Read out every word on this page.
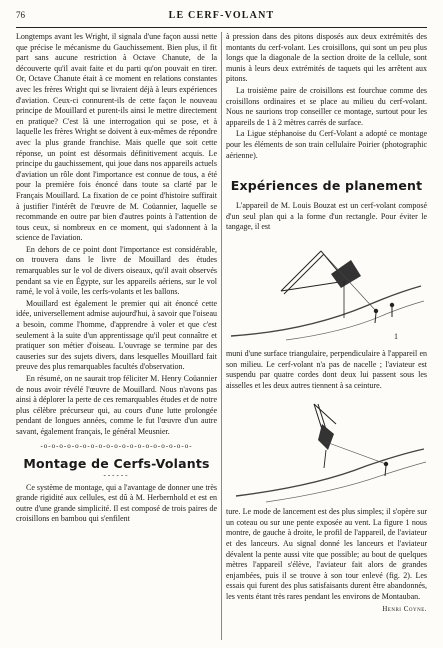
76	LE CERF-VOLANT

Longtemps avant les Wright, il signala d'une façon aussi nette que précise le mécanisme du Gauchissement. Bien plus, il fit part sans aucune restriction à Octave Chanute, de la découverte qu'il avait faite et du parti qu'on pouvait en tirer. Or, Octave Chanute était à ce moment en relations constantes avec les frères Wright qui se livraient déjà à leurs expériences d'aviation. Ceux-ci connurent-ils de cette façon le nouveau principe de Mouillard et purent-ils ainsi le mettre directement en pratique? C'est là une interrogation qui se pose, et à laquelle les frères Wright se doivent à eux-mêmes de répondre avec la plus grande franchise. Mais quelle que soit cette réponse, un point est désormais définitivement acquis. Le principe du gauchissement, qui joue dans nos appareils actuels d'aviation un rôle dont l'importance est connue de tous, a été pour la première fois énoncé dans toute sa clarté par le Français Mouillard. La fixation de ce point d'histoire suffirait à justifier l'intérêt de l'œuvre de M. Coüannier, laquelle se recommande en outre par bien d'autres points à l'attention de tous ceux, si nombreux en ce moment, qui s'adonnent à la science de l'aviation.

En dehors de ce point dont l'importance est considérable, on trouvera dans le livre de Mouillard des études remarquables sur le vol de divers oiseaux, qu'il avait observés pendant sa vie en Égypte, sur les appareils aériens, sur le vol ramé, le vol à voile, les cerfs-volants et les ballons.

Mouillard est également le premier qui ait énoncé cette idée, universellement admise aujourd'hui, à savoir que l'oiseau a besoin, comme l'homme, d'apprendre à voler et que c'est seulement à la suite d'un apprentissage qu'il peut connaître et pratiquer son métier d'oiseau. L'ouvrage se termine par des causeries sur des sujets divers, dans lesquelles Mouillard fait preuve des plus remarquables facultés d'observation.

En résumé, on ne saurait trop féliciter M. Henry Coüannier de nous avoir révélé l'œuvre de Mouillard. Nous n'avons pas ainsi à déplorer la perte de ces remarquables études et de notre plus célèbre précurseur qui, au cours d'une lutte prolongée pendant de longues années, comme le fut l'œuvre d'un autre savant, également français, le général Meusnier.

-o-o-o-o-o-o-o-o-o-o-o-o-o-o-o-o-o-o-o-
Montage de Cerfs-Volants
------

Ce système de montage, qui a l'avantage de donner une très grande rigidité aux cellules, est dû à M. Herbernhold et est en outre d'une grande simplicité. Il est composé de trois paires de croisillons en bambou qui s'enfilent

à pression dans des pitons disposés aux deux extrémités des montants du cerf-volant. Les croisillons, qui sont un peu plus longs que la diagonale de la section droite de la cellule, sont munis à leurs deux extrémités de taquets qui les arrêtent aux pitons.

La troisième paire de croisillons est fourchue comme des croisillons ordinaires et se place au milieu du cerf-volant. Nous ne saurions trop conseiller ce montage, surtout pour les appareils de 1 à 2 mètres carrés de surface.

La Ligue stéphanoise du Cerf-Volant a adopté ce montage pour les éléments de son train cellulaire Poirier (photographic aérienne).

Expériences de planement

L'appareil de M. Louis Bouzat est un cerf-volant composé d'un seul plan qui a la forme d'un rectangle. Pour éviter le tangage, il est

1

muni d'une surface triangulaire, perpendiculaire à l'appareil en son milieu. Le cerf-volant n'a pas de nacelle ; l'aviateur est suspendu par quatre cordes dont deux lui passent sous les aisselles et les deux autres tiennent à sa ceinture.

ture. Le mode de lancement est des plus simples; il s'opère sur un coteau ou sur une pente exposée au vent. La figure 1 nous montre, de gauche à droite, le profil de l'appareil, de l'aviateur et des lanceurs. Au signal donné les lanceurs et l'aviateur dévalent la pente aussi vite que possible; au bout de quelques mètres l'appareil s'élève, l'aviateur fait alors de grandes enjambées, puis il se trouve à son tour enlevé (fig. 2). Les essais qui furent des plus satisfaisants durent être abandonnés, les vents étant très rares pendant les environs de Montauban.

Henri Coyne.
